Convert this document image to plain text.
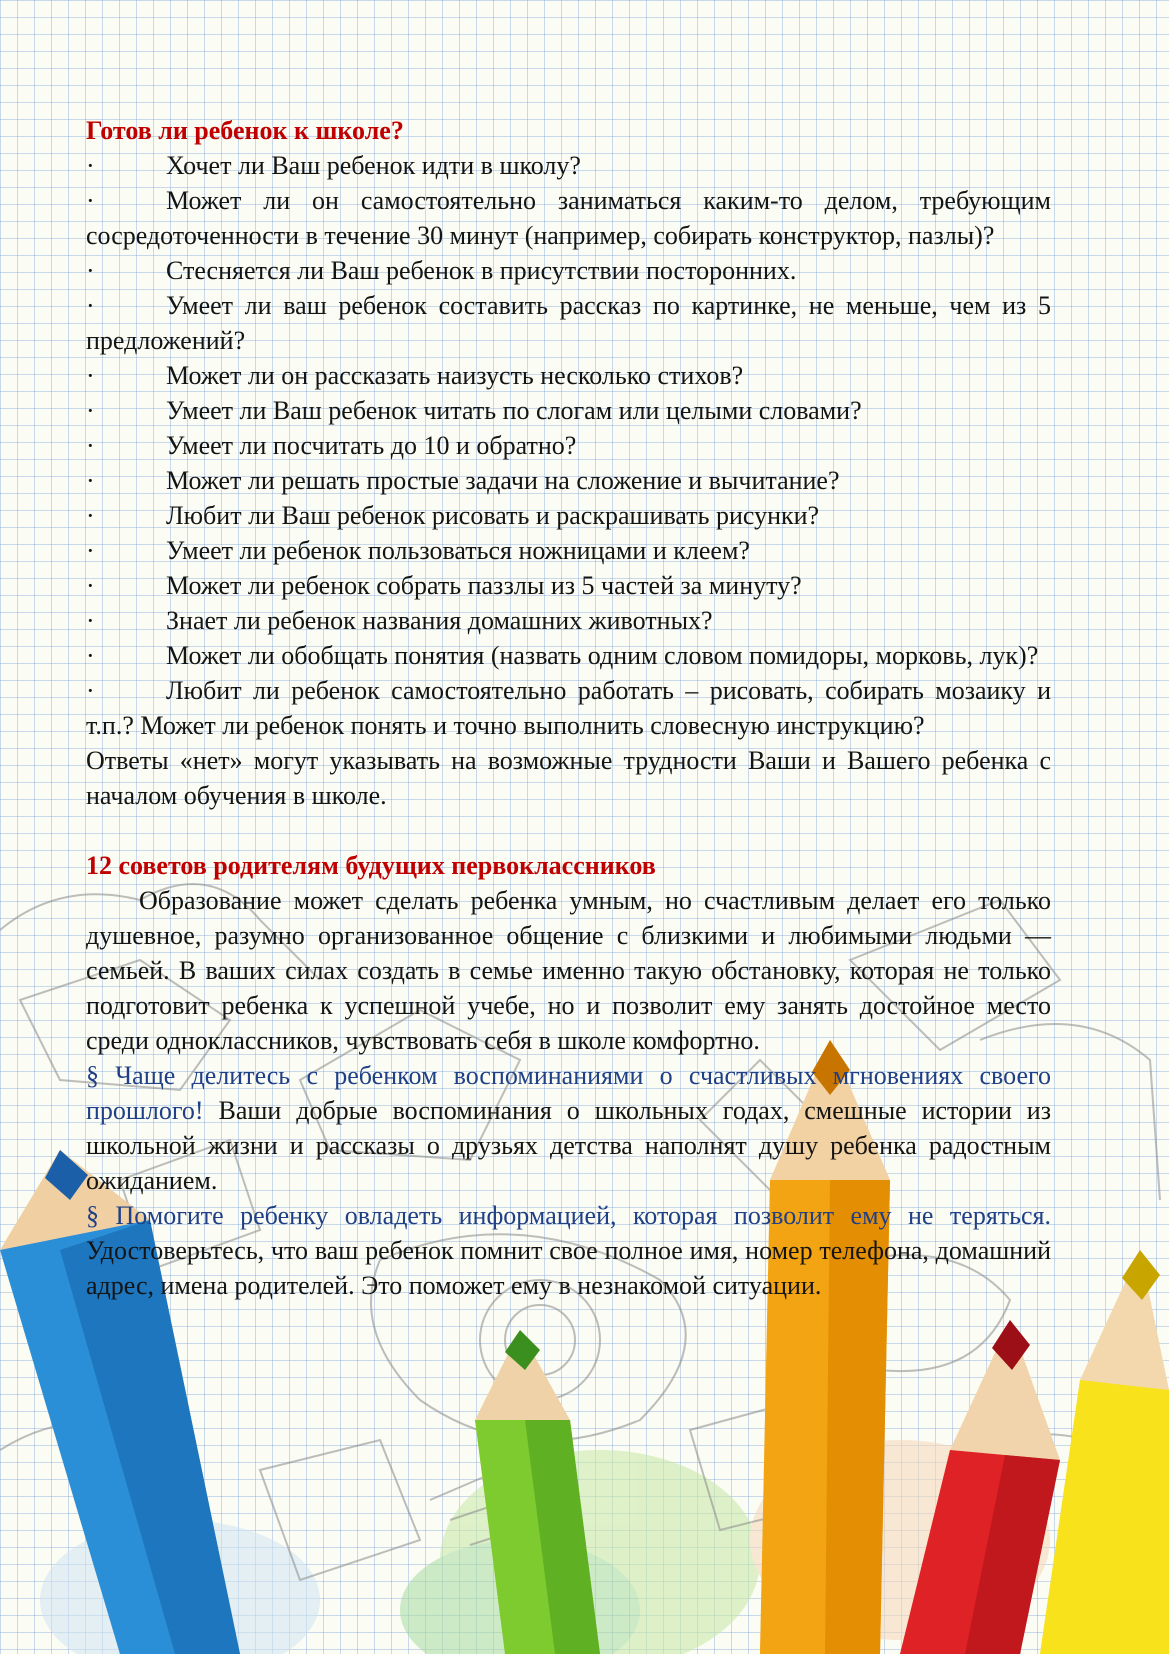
Готов ли ребенок к школе?
·	Хочет ли Ваш ребенок идти в школу?
·	Может ли он самостоятельно заниматься каким-то делом, требующим сосредоточенности в течение 30 минут (например, собирать конструктор, пазлы)?
·	Стесняется ли Ваш ребенок в присутствии посторонних.
·	Умеет ли ваш ребенок составить рассказ по картинке, не меньше, чем из 5 предложений?
·	Может ли он рассказать наизусть несколько стихов?
·	Умеет ли Ваш ребенок читать по слогам или целыми словами?
·	Умеет ли посчитать до 10 и обратно?
·	Может ли решать простые задачи на сложение и вычитание?
·	Любит ли Ваш ребенок рисовать и раскрашивать рисунки?
·	Умеет ли ребенок пользоваться ножницами и клеем?
·	Может ли ребенок собрать паззлы из 5 частей за минуту?
·	Знает ли ребенок названия домашних животных?
·	Может ли обобщать понятия (назвать одним словом помидоры, морковь, лук)?
·	Любит ли ребенок самостоятельно работать – рисовать, собирать мозаику и т.п.? Может ли ребенок понять и точно выполнить словесную инструкцию?

Ответы «нет» могут указывать на возможные трудности Ваши и Вашего ребенка с началом обучения в школе.

12 советов родителям будущих первоклассников

Образование может сделать ребенка умным, но счастливым делает его только душевное, разумно организованное общение с близкими и любимыми людьми — семьей. В ваших силах создать в семье именно такую обстановку, которая не только подготовит ребенка к успешной учебе, но и позволит ему занять достойное место среди одноклассников, чувствовать себя в школе комфортно.

§ Чаще делитесь с ребенком воспоминаниями о счастливых мгновениях своего прошлого! Ваши добрые воспоминания о школьных годах, смешные истории из школьной жизни и рассказы о друзьях детства наполнят душу ребенка радостным ожиданием.

§ Помогите ребенку овладеть информацией, которая позволит ему не теряться. Удостоверьтесь, что ваш ребенок помнит свое полное имя, номер телефона, домашний адрес, имена родителей. Это поможет ему в незнакомой ситуации.
